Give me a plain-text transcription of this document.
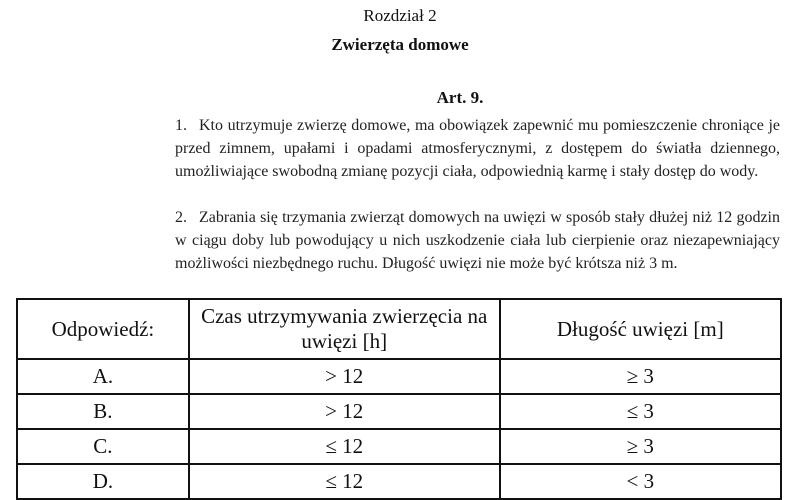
Rozdział 2
Zwierzęta domowe
Art. 9.
1. Kto utrzymuje zwierzę domowe, ma obowiązek zapewnić mu pomieszczenie chroniące je przed zimnem, upałami i opadami atmosferycznymi, z dostępem do światła dziennego, umożliwiające swobodną zmianę pozycji ciała, odpowiednią karmę i stały dostęp do wody.
2. Zabrania się trzymania zwierząt domowych na uwięzi w sposób stały dłużej niż 12 godzin w ciągu doby lub powodujący u nich uszkodzenie ciała lub cierpienie oraz niezapewniający możliwości niezbędnego ruchu. Długość uwięzi nie może być krótsza niż 3 m.
Odpowiedź:	Czas utrzymywania zwierzęcia na uwięzi [h]	Długość uwięzi [m]
A.	> 12	≥ 3
B.	> 12	≤ 3
C.	≤ 12	≥ 3
D.	≤ 12	< 3
